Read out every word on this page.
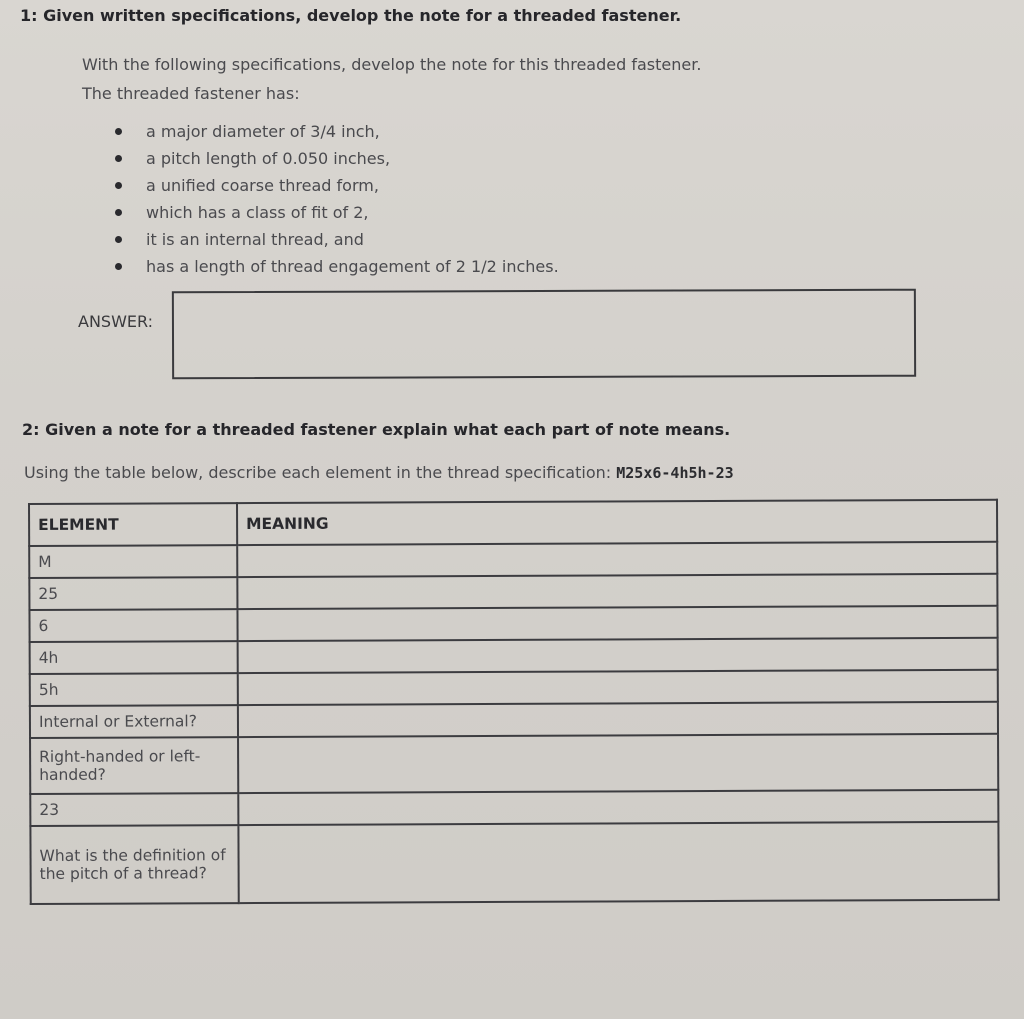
1: Given written specifications, develop the note for a threaded fastener.
With the following specifications, develop the note for this threaded fastener.
The threaded fastener has:
a major diameter of 3/4 inch,
a pitch length of 0.050 inches,
a unified coarse thread form,
which has a class of fit of 2,
it is an internal thread, and
has a length of thread engagement of 2 1/2 inches.
ANSWER:
2: Given a note for a threaded fastener explain what each part of note means.
Using the table below, describe each element in the thread specification: M25x6-4h5h-23
ELEMENT	MEANING
M	
25	
6	
4h	
5h	
Internal or External?	
Right-handed or left-handed?	
23	
What is the definition of the pitch of a thread?	
